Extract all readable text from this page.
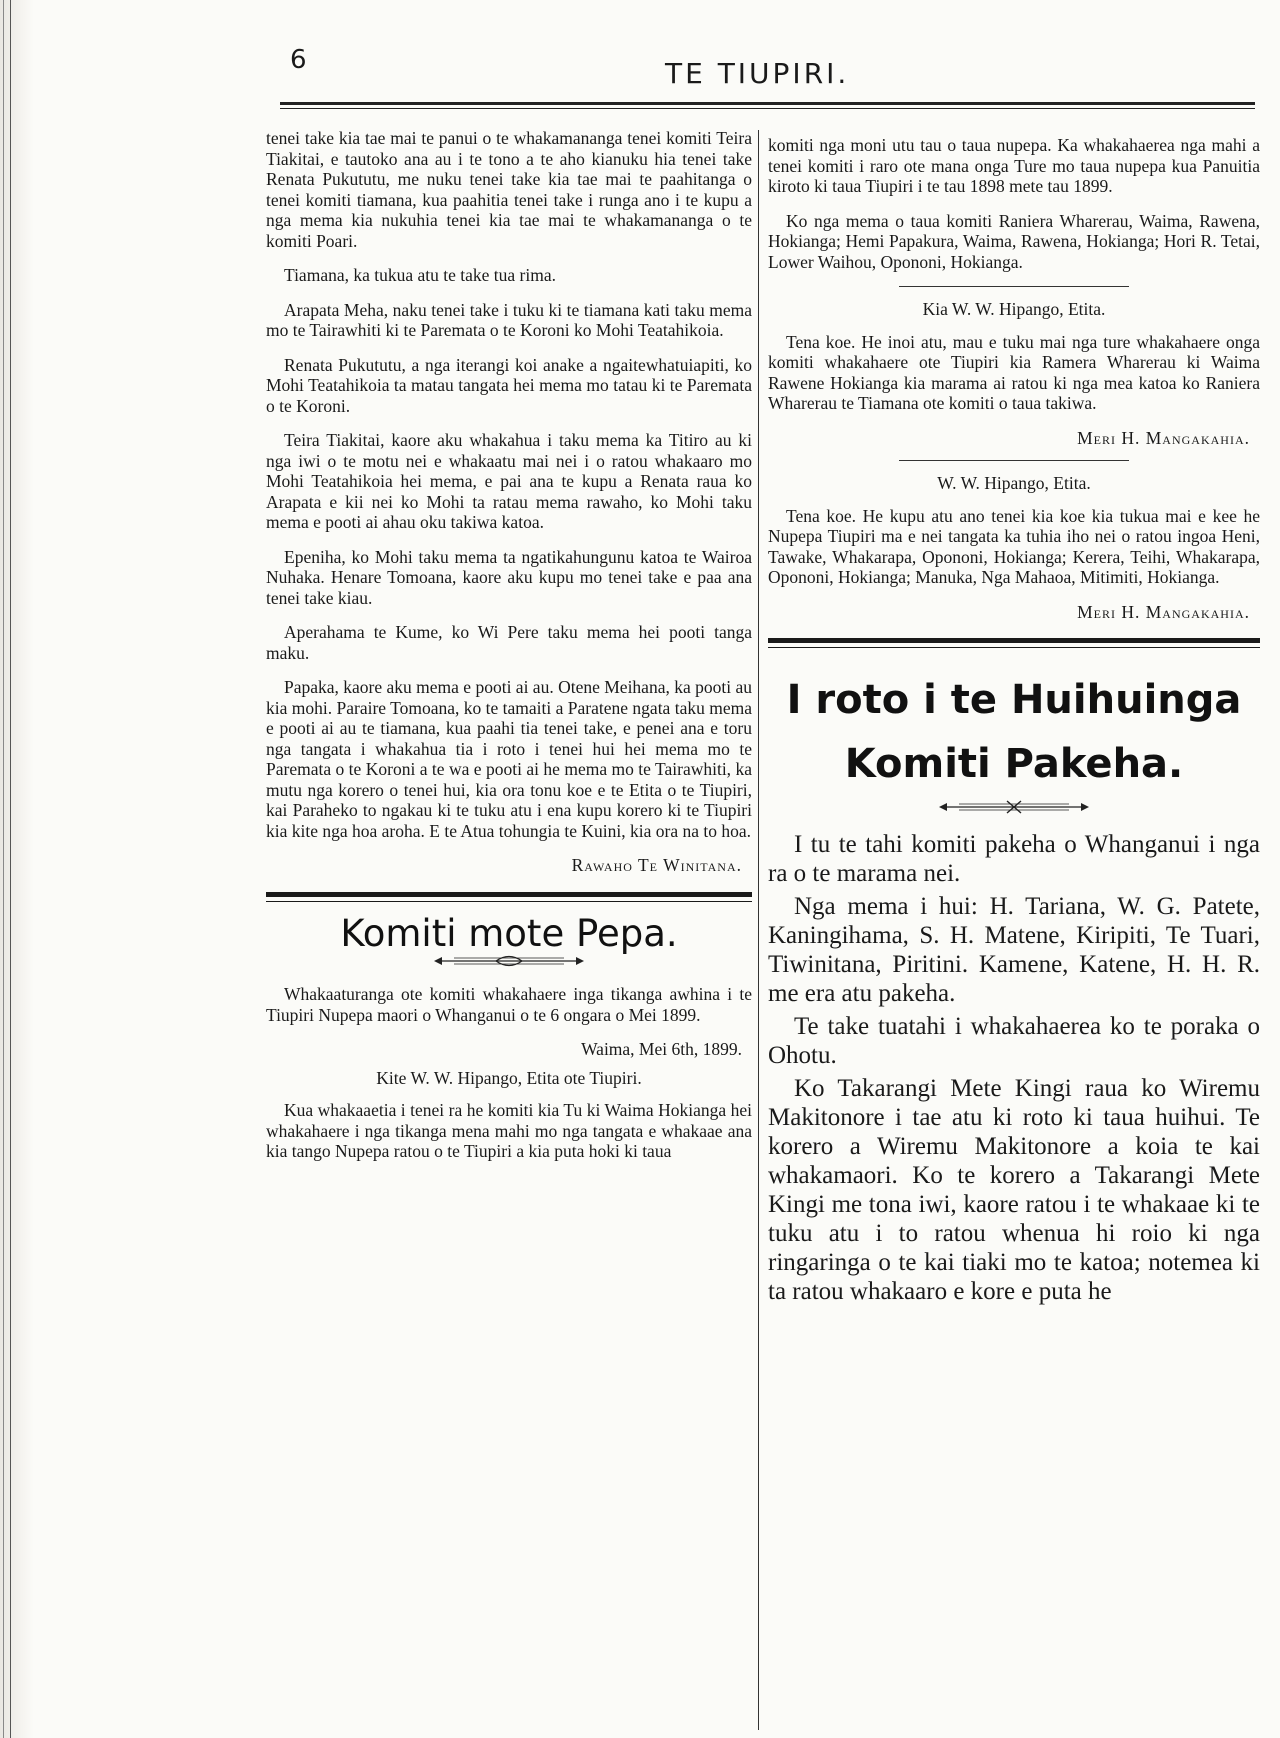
6	TE TIUPIRI.

tenei take kia tae mai te panui o te whakamananga tenei komiti Teira Tiakitai, e tautoko ana au i te tono a te aho kianuku hia tenei take Renata Pukututu, me nuku tenei take kia tae mai te paahitanga o tenei komiti tiamana, kua paahitia tenei take i runga ano i te kupu a nga mema kia nukuhia tenei kia tae mai te whakamananga o te komiti Poari.

Tiamana, ka tukua atu te take tua rima.

Arapata Meha, naku tenei take i tuku ki te tiamana kati taku mema mo te Tairawhiti ki te Paremata o te Koroni ko Mohi Teatahikoia.

Renata Pukututu, a nga iterangi koi anake a ngaitewhatuiapiti, ko Mohi Teatahikoia ta matau tangata hei mema mo tatau ki te Paremata o te Koroni.

Teira Tiakitai, kaore aku whakahua i taku mema ka Titiro au ki nga iwi o te motu nei e whakaatu mai nei i o ratou whakaaro mo Mohi Teatahikoia hei mema, e pai ana te kupu a Renata raua ko Arapata e kii nei ko Mohi ta ratau mema rawaho, ko Mohi taku mema e pooti ai ahau oku takiwa katoa.

Epeniha, ko Mohi taku mema ta ngatikahungunu katoa te Wairoa Nuhaka. Henare Tomoana, kaore aku kupu mo tenei take e paa ana tenei take kiau.

Aperahama te Kume, ko Wi Pere taku mema hei pooti tanga maku.

Papaka, kaore aku mema e pooti ai au. Otene Meihana, ka pooti au kia mohi. Paraire Tomoana, ko te tamaiti a Paratene ngata taku mema e pooti ai au te tiamana, kua paahi tia tenei take, e penei ana e toru nga tangata i whakahua tia i roto i tenei hui hei mema mo te Paremata o te Koroni a te wa e pooti ai he mema mo te Tairawhiti, ka mutu nga korero o tenei hui, kia ora tonu koe e te Etita o te Tiupiri, kai Paraheko to ngakau ki te tuku atu i ena kupu korero ki te Tiupiri kia kite nga hoa aroha. E te Atua tohungia te Kuini, kia ora na to hoa.

Rawaho Te Winitana.
Komiti mote Pepa.

Whakaaturanga ote komiti whakahaere inga tikanga awhina i te Tiupiri Nupepa maori o Whanganui o te 6 ongara o Mei 1899.

Waima, Mei 6th, 1899.
Kite W. W. Hipango, Etita ote Tiupiri.

Kua whakaaetia i tenei ra he komiti kia Tu ki Waima Hokianga hei whakahaere i nga tikanga mena mahi mo nga tangata e whakaae ana kia tango Nupepa ratou o te Tiupiri a kia puta hoki ki taua

komiti nga moni utu tau o taua nupepa. Ka whakahaerea nga mahi a tenei komiti i raro ote mana onga Ture mo taua nupepa kua Panuitia kiroto ki taua Tiupiri i te tau 1898 mete tau 1899.

Ko nga mema o taua komiti Raniera Wharerau, Waima, Rawena, Hokianga; Hemi Papakura, Waima, Rawena, Hokianga; Hori R. Tetai, Lower Waihou, Opononi, Hokianga.

Kia W. W. Hipango, Etita.

Tena koe. He inoi atu, mau e tuku mai nga ture whakahaere onga komiti whakahaere ote Tiupiri kia Ramera Wharerau ki Waima Rawene Hokianga kia marama ai ratou ki nga mea katoa ko Raniera Wharerau te Tiamana ote komiti o taua takiwa.

Meri H. Mangakahia.
W. W. Hipango, Etita.

Tena koe. He kupu atu ano tenei kia koe kia tukua mai e kee he Nupepa Tiupiri ma e nei tangata ka tuhia iho nei o ratou ingoa Heni, Tawake, Whakarapa, Opononi, Hokianga; Kerera, Teihi, Whakarapa, Opononi, Hokianga; Manuka, Nga Mahaoa, Mitimiti, Hokianga.

Meri H. Mangakahia.
I roto i te Huihuinga
Komiti Pakeha.

I tu te tahi komiti pakeha o Whanganui i nga ra o te marama nei.

Nga mema i hui: H. Tariana, W. G. Patete, Kaningihama, S. H. Matene, Kiripiti, Te Tuari, Tiwinitana, Piritini. Kamene, Katene, H. H. R. me era atu pakeha.

Te take tuatahi i whakahaerea ko te poraka o Ohotu.

Ko Takarangi Mete Kingi raua ko Wiremu Makitonore i tae atu ki roto ki taua huihui. Te korero a Wiremu Makitonore a koia te kai whakamaori. Ko te korero a Takarangi Mete Kingi me tona iwi, kaore ratou i te whakaae ki te tuku atu i to ratou whenua hi roio ki nga ringaringa o te kai tiaki mo te katoa; notemea ki ta ratou whakaaro e kore e puta he
